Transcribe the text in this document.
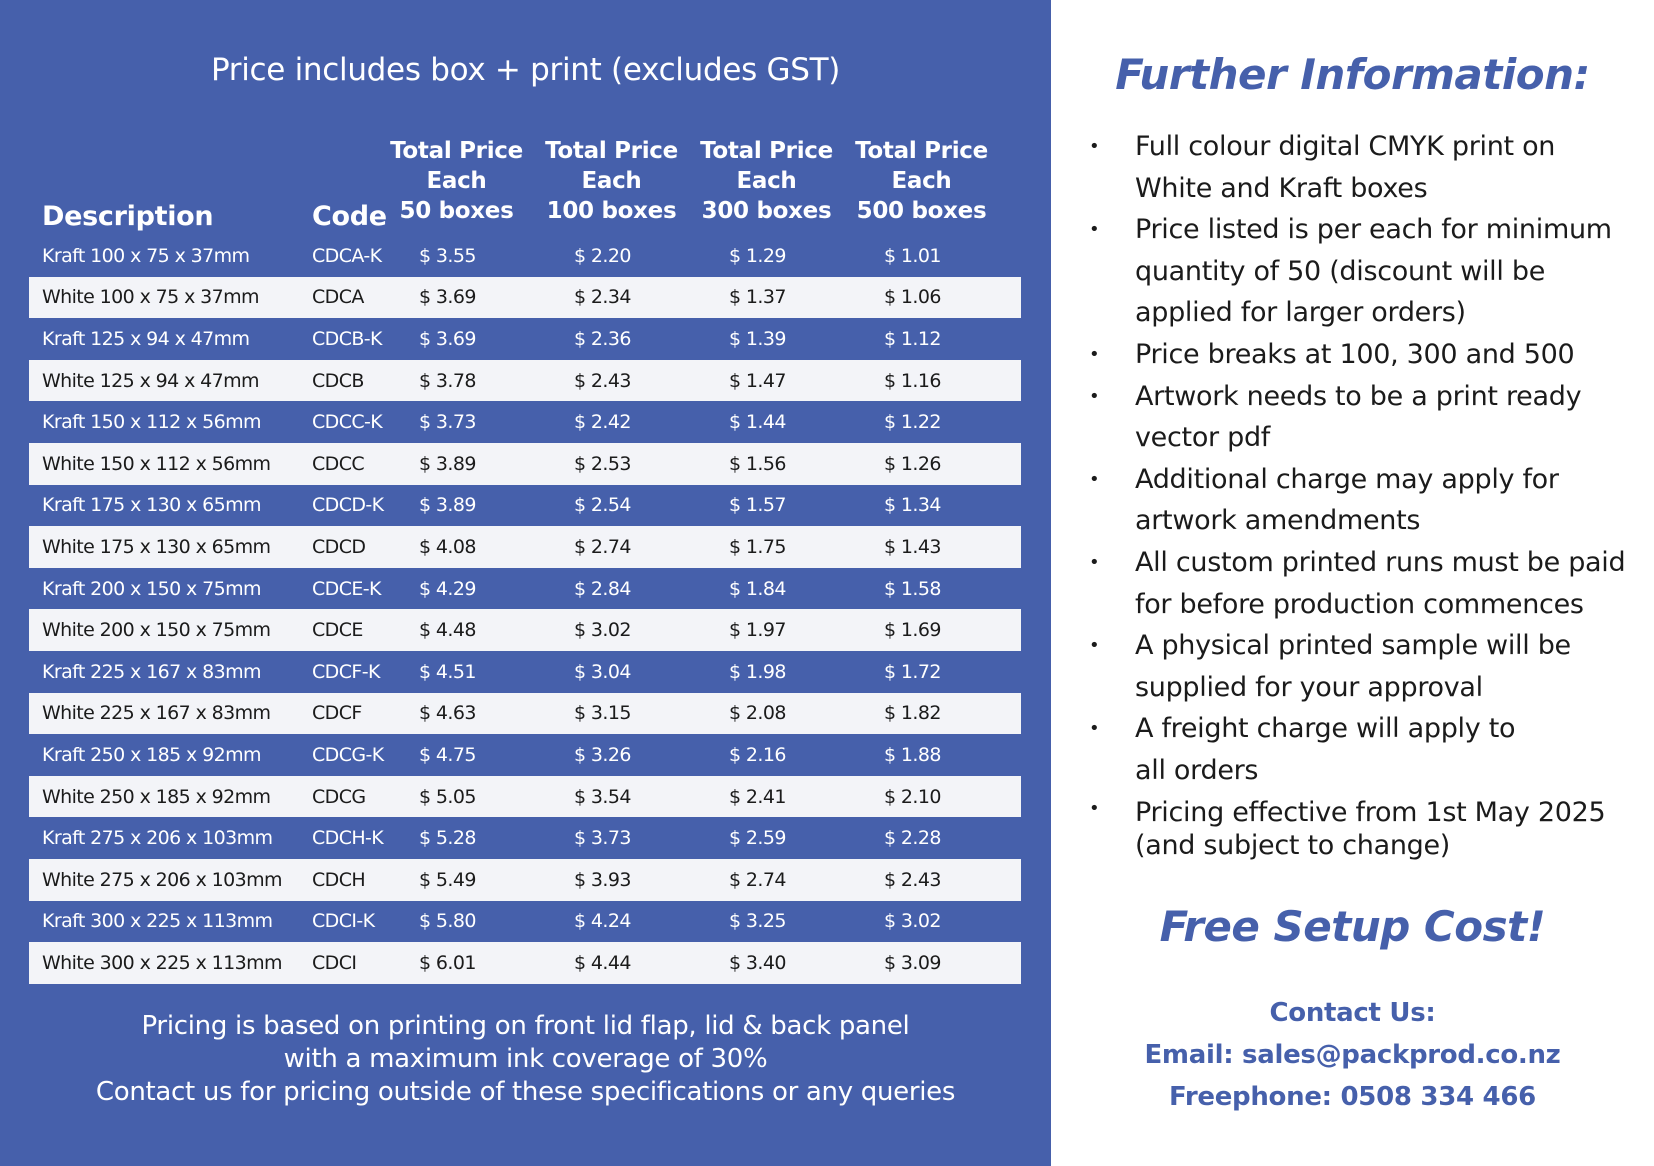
Price includes box + print (excludes GST)
Description	Code
Total Price
Each
50 boxes
Total Price
Each
100 boxes
Total Price
Each
300 boxes
Total Price
Each
500 boxes
Kraft 100 x 75 x 37mm	CDCA-K	$ 3.55	$ 2.20	$ 1.29	$ 1.01
White 100 x 75 x 37mm	CDCA	$ 3.69	$ 2.34	$ 1.37	$ 1.06
Kraft 125 x 94 x 47mm	CDCB-K	$ 3.69	$ 2.36	$ 1.39	$ 1.12
White 125 x 94 x 47mm	CDCB	$ 3.78	$ 2.43	$ 1.47	$ 1.16
Kraft 150 x 112 x 56mm	CDCC-K	$ 3.73	$ 2.42	$ 1.44	$ 1.22
White 150 x 112 x 56mm CDCC	$ 3.89	$ 2.53	$ 1.56	$ 1.26
Kraft 175 x 130 x 65mm	CDCD-K	$ 3.89	$ 2.54	$ 1.57	$ 1.34
White 175 x 130 x 65mm CDCD	$ 4.08	$ 2.74	$ 1.75	$ 1.43
Kraft 200 x 150 x 75mm	CDCE-K	$ 4.29	$ 2.84	$ 1.84	$ 1.58
White 200 x 150 x 75mm CDCE	$ 4.48	$ 3.02	$ 1.97	$ 1.69
Kraft 225 x 167 x 83mm	CDCF-K	$ 4.51	$ 3.04	$ 1.98	$ 1.72
White 225 x 167 x 83mm CDCF	$ 4.63	$ 3.15	$ 2.08	$ 1.82
Kraft 250 x 185 x 92mm	CDCG-K	$ 4.75	$ 3.26	$ 2.16	$ 1.88
White 250 x 185 x 92mm CDCG	$ 5.05	$ 3.54	$ 2.41	$ 2.10
Kraft 275 x 206 x 103mm CDCH-K	$ 5.28	$ 3.73	$ 2.59	$ 2.28
White 275 x 206 x 103mm CDCH	$ 5.49	$ 3.93	$ 2.74	$ 2.43
Kraft 300 x 225 x 113mm CDCI-K	$ 5.80	$ 4.24	$ 3.25	$ 3.02
White 300 x 225 x 113mm CDCI	$ 6.01	$ 4.44	$ 3.40	$ 3.09
Pricing is based on printing on front lid flap, lid & back panel
with a maximum ink coverage of 30%
Contact us for pricing outside of these specifications or any queries
Further Information:
• Full colour digital CMYK print on
White and Kraft boxes
• Price listed is per each for minimum
quantity of 50 (discount will be
applied for larger orders)
• Price breaks at 100, 300 and 500
• Artwork needs to be a print ready
vector pdf
• Additional charge may apply for
artwork amendments
• All custom printed runs must be paid
for before production commences
• A physical printed sample will be
supplied for your approval
• A freight charge will apply to
all orders
• Pricing effective from 1st May 2025
(and subject to change)
Free Setup Cost!
Contact Us:
Email: sales@packprod.co.nz
Freephone: 0508 334 466
